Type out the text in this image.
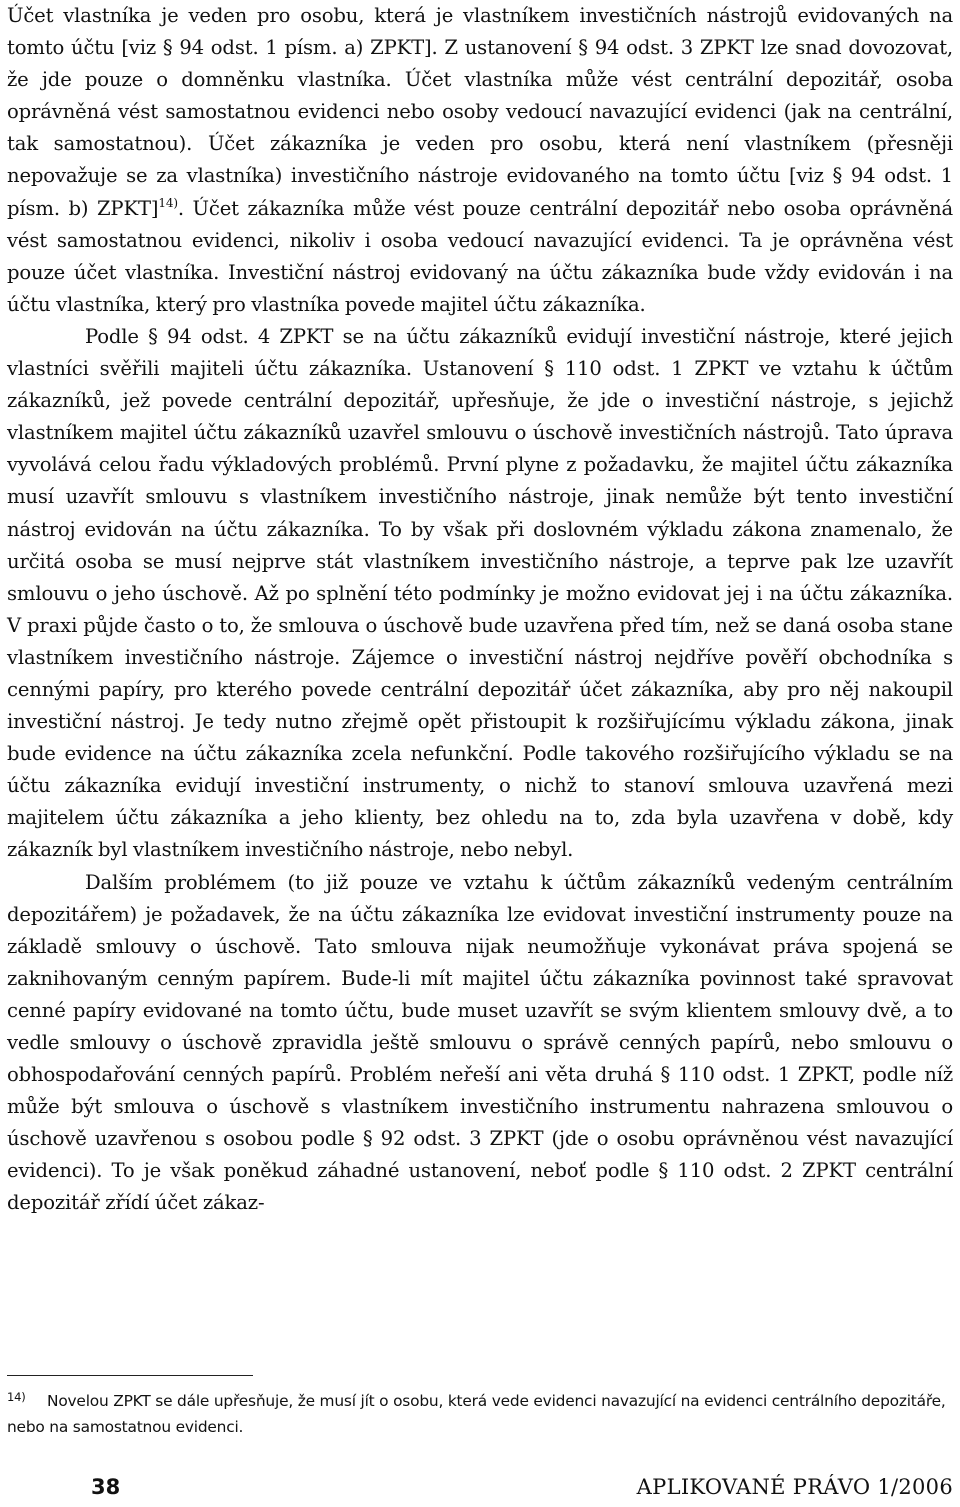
Účet vlastníka je veden pro osobu, která je vlastníkem investičních nástrojů evidovaných na tomto účtu [viz § 94 odst. 1 písm. a) ZPKT]. Z ustanovení § 94 odst. 3 ZPKT lze snad dovozovat, že jde pouze o domněnku vlastníka. Účet vlastníka může vést centrální depozitář, osoba oprávněná vést samostatnou evidenci nebo osoby vedoucí navazující evidenci (jak na centrální, tak samostatnou). Účet zákazníka je veden pro osobu, která není vlastníkem (přesněji nepovažuje se za vlastníka) investičního nástroje evidovaného na tomto účtu [viz § 94 odst. 1 písm. b) ZPKT]$^{14)}$. Účet zákazníka může vést pouze centrální depozitář nebo osoba oprávněná vést samostatnou evidenci, nikoliv i osoba vedoucí navazující evidenci. Ta je oprávněna vést pouze účet vlastníka. Investiční nástroj evidovaný na účtu zákazníka bude vždy evidován i na účtu vlastníka, který pro vlastníka povede majitel účtu zákazníka.

Podle § 94 odst. 4 ZPKT se na účtu zákazníků evidují investiční nástroje, které jejich vlastníci svěřili majiteli účtu zákazníka. Ustanovení § 110 odst. 1 ZPKT ve vztahu k účtům zákazníků, jež povede centrální depozitář, upřesňuje, že jde o investiční nástroje, s jejichž vlastníkem majitel účtu zákazníků uzavřel smlouvu o úschově investičních nástrojů. Tato úprava vyvolává celou řadu výkladových problémů. První plyne z požadavku, že majitel účtu zákazníka musí uzavřít smlouvu s vlastníkem investičního nástroje, jinak nemůže být tento investiční nástroj evidován na účtu zákazníka. To by však při doslovném výkladu zákona znamenalo, že určitá osoba se musí nejprve stát vlastníkem investičního nástroje, a teprve pak lze uzavřít smlouvu o jeho úschově. Až po splnění této podmínky je možno evidovat jej i na účtu zákazníka. V praxi půjde často o to, že smlouva o úschově bude uzavřena před tím, než se daná osoba stane vlastníkem investičního nástroje. Zájemce o investiční nástroj nejdříve pověří obchodníka s cennými papíry, pro kterého povede centrální depozitář účet zákazníka, aby pro něj nakoupil investiční nástroj. Je tedy nutno zřejmě opět přistoupit k rozšiřujícímu výkladu zákona, jinak bude evidence na účtu zákazníka zcela nefunkční. Podle takového rozšiřujícího výkladu se na účtu zákazníka evidují investiční instrumenty, o nichž to stanoví smlouva uzavřená mezi majitelem účtu zákazníka a jeho klienty, bez ohledu na to, zda byla uzavřena v době, kdy zákazník byl vlastníkem investičního nástroje, nebo nebyl.

Dalším problémem (to již pouze ve vztahu k účtům zákazníků vedeným centrálním depozitářem) je požadavek, že na účtu zákazníka lze evidovat investiční instrumenty pouze na základě smlouvy o úschově. Tato smlouva nijak neumožňuje vykonávat práva spojená se zaknihovaným cenným papírem. Bude-li mít majitel účtu zákazníka povinnost také spravovat cenné papíry evidované na tomto účtu, bude muset uzavřít se svým klientem smlouvy dvě, a to vedle smlouvy o úschově zpravidla ještě smlouvu o správě cenných papírů, nebo smlouvu o obhospodařování cenných papírů. Problém neřeší ani věta druhá § 110 odst. 1 ZPKT, podle níž může být smlouva o úschově s vlastníkem investičního instrumentu nahrazena smlouvou o úschově uzavřenou s osobou podle § 92 odst. 3 ZPKT (jde o osobu oprávněnou vést navazující evidenci). To je však poněkud záhadné ustanovení, neboť podle § 110 odst. 2 ZPKT centrální depozitář zřídí účet zákaz-

14) Novelou ZPKT se dále upřesňuje, že musí jít o osobu, která vede evidenci navazující na evidenci centrálního depozitáře, nebo na samostatnou evidenci.
38	APLIKOVANÉ PRÁVO 1/2006
